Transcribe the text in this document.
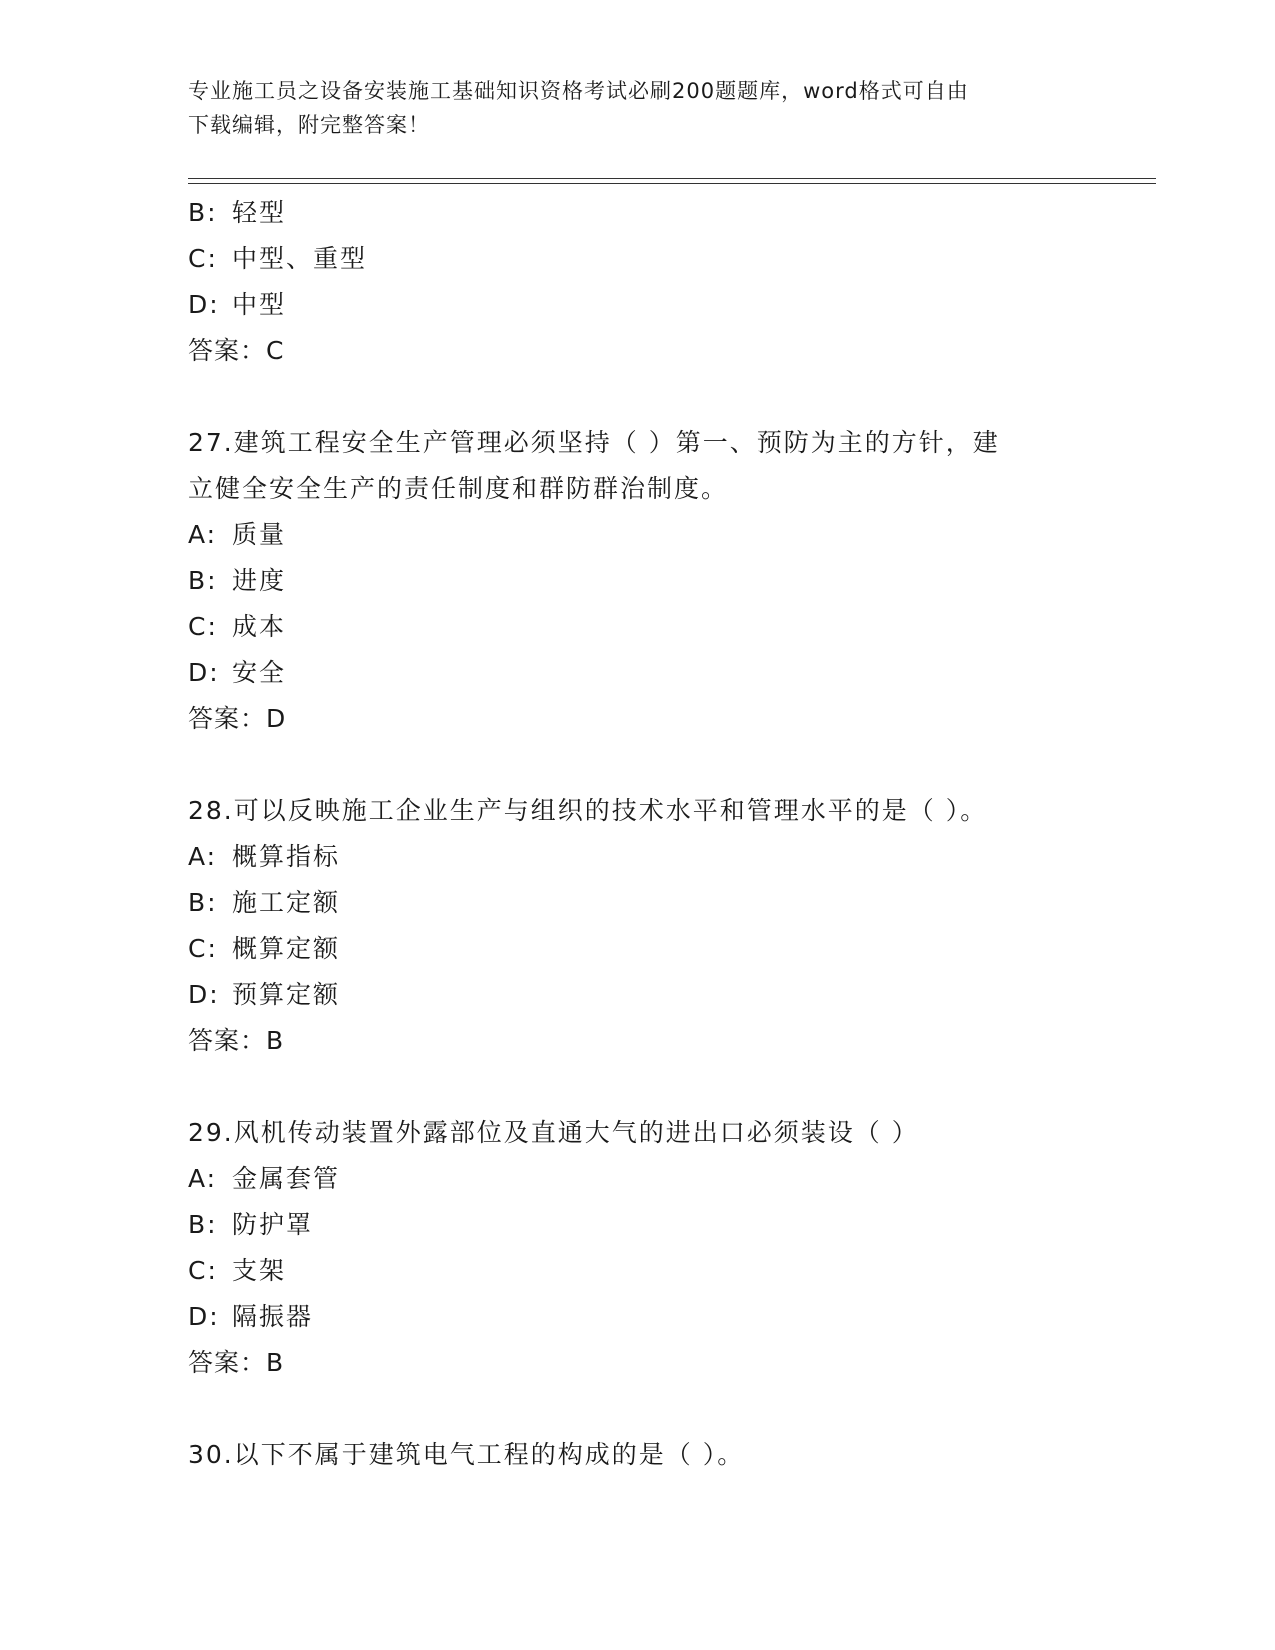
专业施工员之设备安装施工基础知识资格考试必刷200题题库，word格式可自由
下载编辑，附完整答案！
B: 轻型
C: 中型、重型
D: 中型
答案：C
27.建筑工程安全生产管理必须坚持（ ）第一、预防为主的方针，建
立健全安全生产的责任制度和群防群治制度。
A: 质量
B: 进度
C: 成本
D: 安全
答案：D
28.可以反映施工企业生产与组织的技术水平和管理水平的是（ ）。
A: 概算指标
B: 施工定额
C: 概算定额
D: 预算定额
答案：B
29.风机传动装置外露部位及直通大气的进出口必须装设（ ）
A: 金属套管
B: 防护罩
C: 支架
D: 隔振器
答案：B
30.以下不属于建筑电气工程的构成的是（ ）。
